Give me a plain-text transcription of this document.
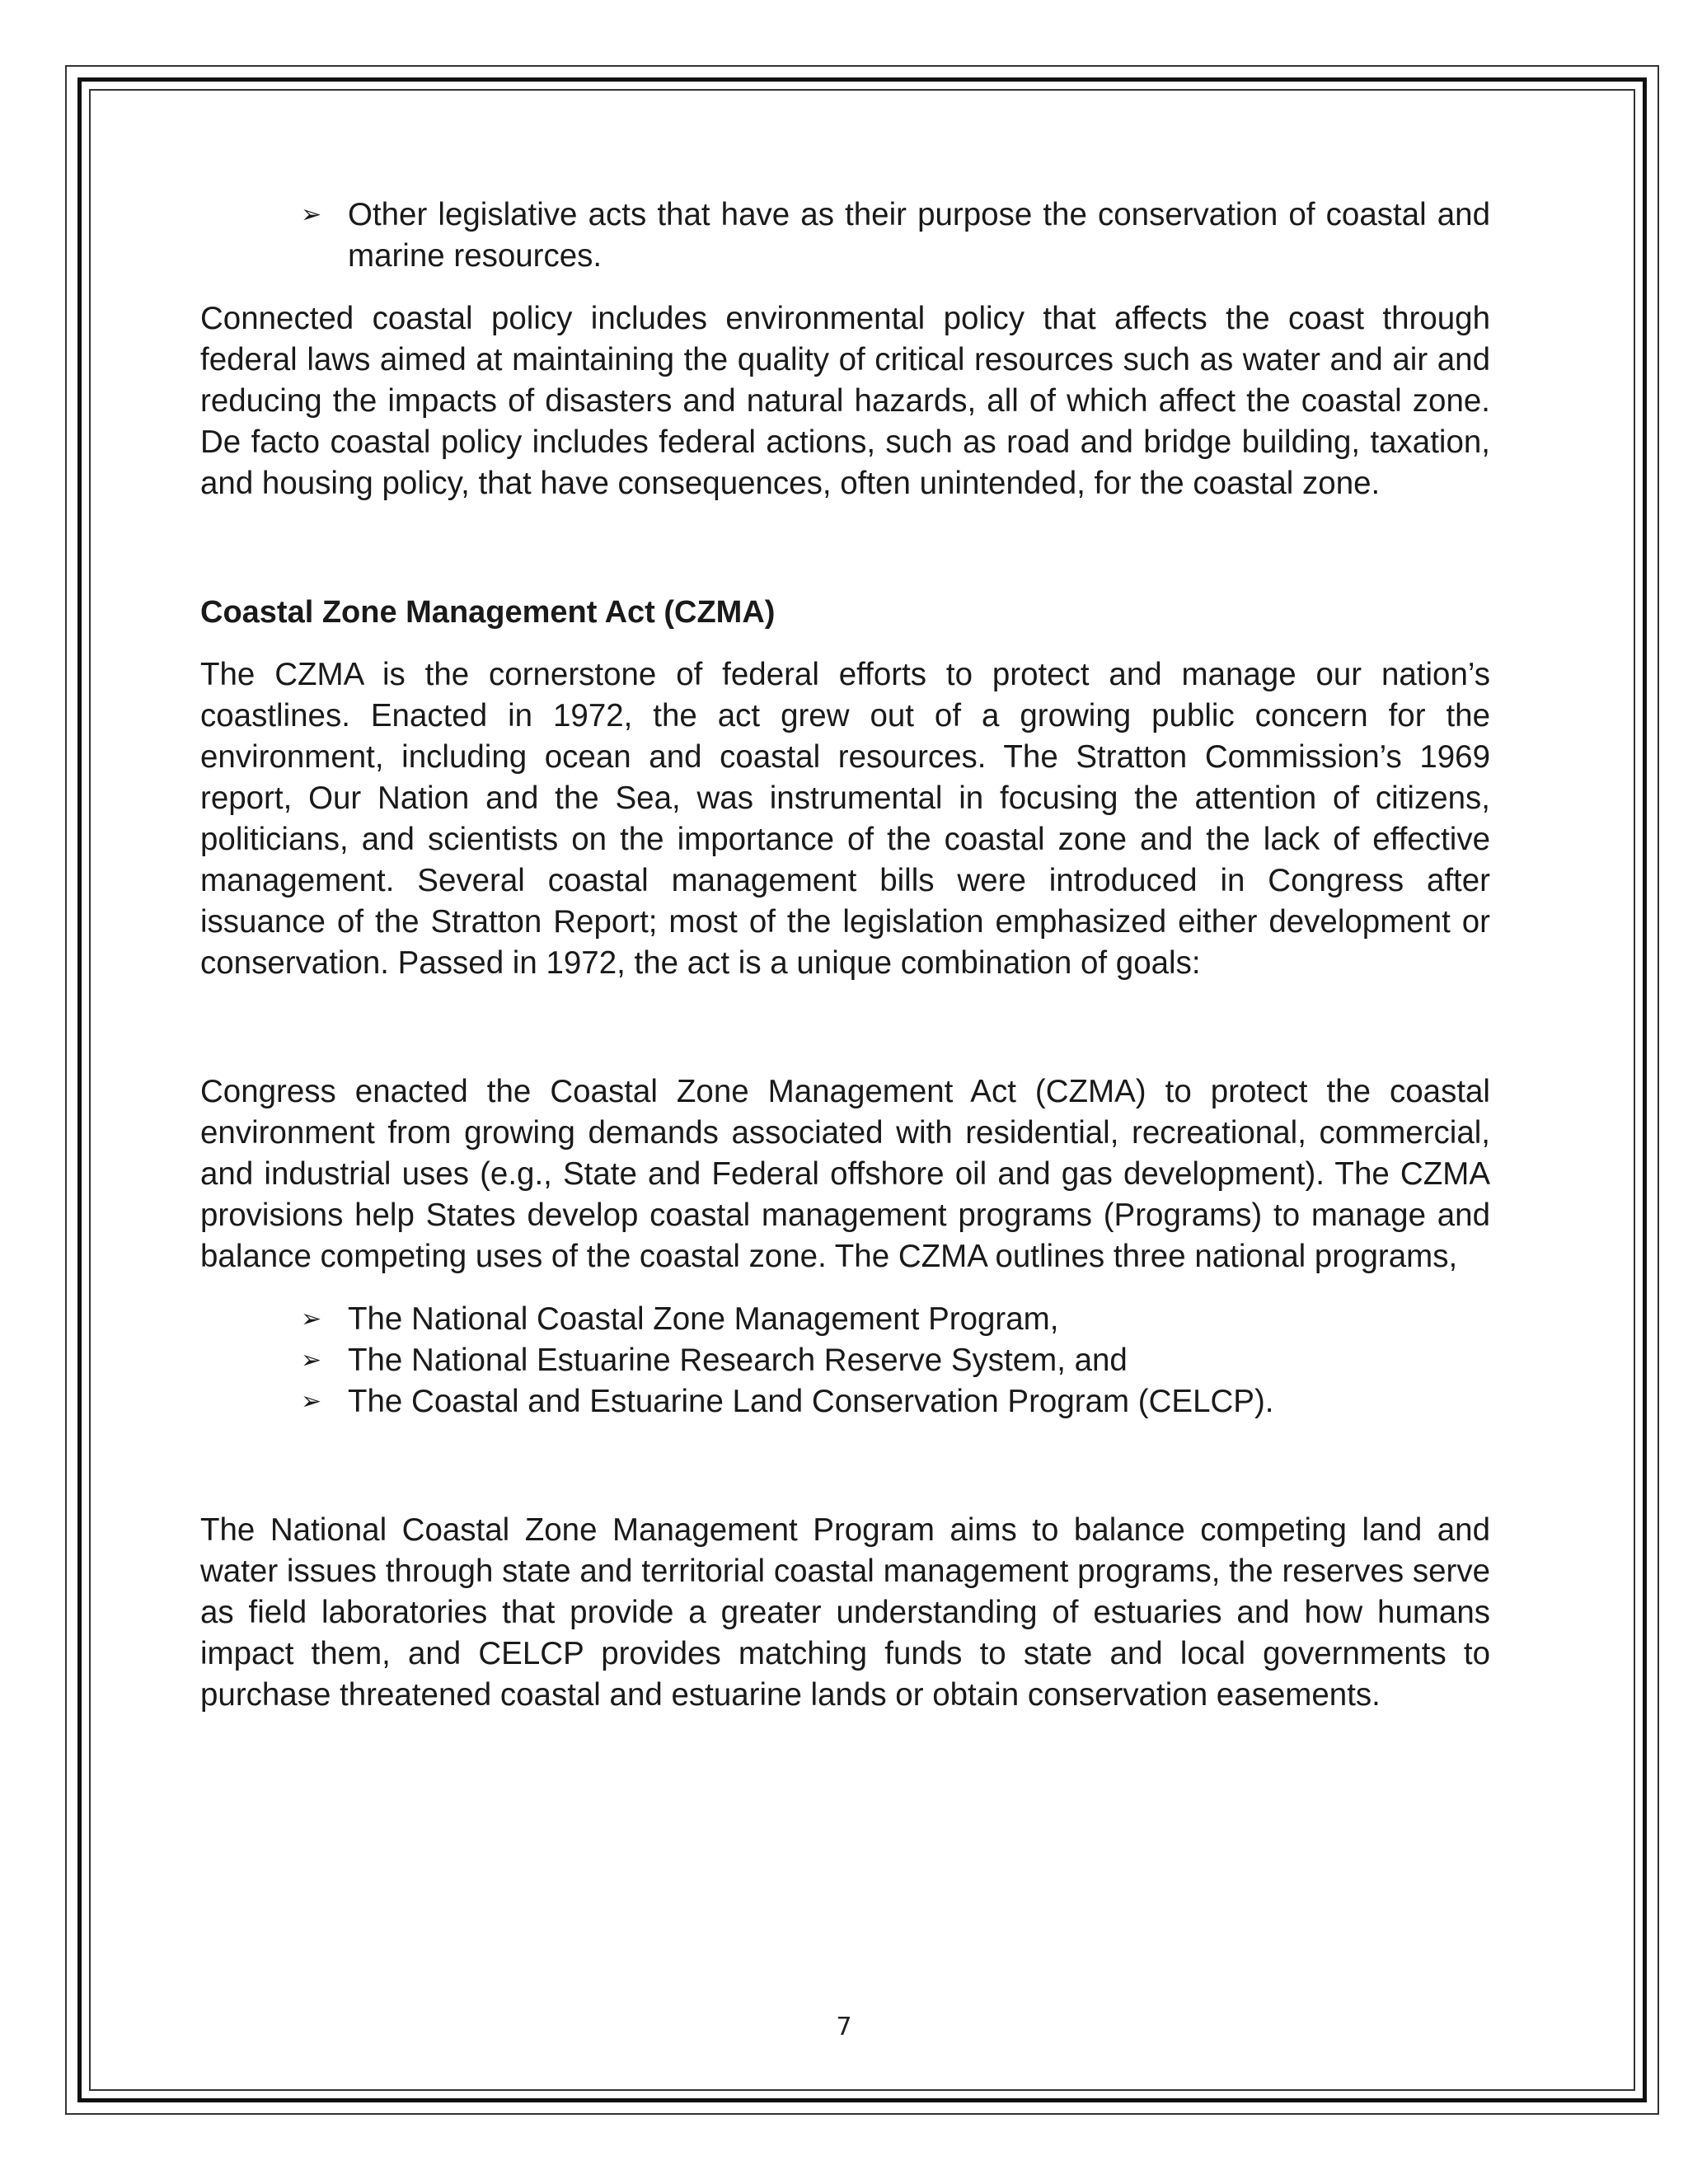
➢ Other legislative acts that have as their purpose the conservation of coastal and marine resources.

Connected coastal policy includes environmental policy that affects the coast through federal laws aimed at maintaining the quality of critical resources such as water and air and reducing the impacts of disasters and natural hazards, all of which affect the coastal zone. De facto coastal policy includes federal actions, such as road and bridge building, taxation, and housing policy, that have consequences, often unintended, for the coastal zone.

Coastal Zone Management Act (CZMA)

The CZMA is the cornerstone of federal efforts to protect and manage our nation’s coastlines. Enacted in 1972, the act grew out of a growing public concern for the environment, including ocean and coastal resources. The Stratton Commission’s 1969 report, Our Nation and the Sea, was instrumental in focusing the attention of citizens, politicians, and scientists on the importance of the coastal zone and the lack of effective management. Several coastal management bills were introduced in Congress after issuance of the Stratton Report; most of the legislation emphasized either development or conservation. Passed in 1972, the act is a unique combination of goals:

Congress enacted the Coastal Zone Management Act (CZMA) to protect the coastal environment from growing demands associated with residential, recreational, commercial, and industrial uses (e.g., State and Federal offshore oil and gas development). The CZMA provisions help States develop coastal management programs (Programs) to manage and balance competing uses of the coastal zone. The CZMA outlines three national programs,

➢ The National Coastal Zone Management Program,
➢ The National Estuarine Research Reserve System, and
➢ The Coastal and Estuarine Land Conservation Program (CELCP).

The National Coastal Zone Management Program aims to balance competing land and water issues through state and territorial coastal management programs, the reserves serve as field laboratories that provide a greater understanding of estuaries and how humans impact them, and CELCP provides matching funds to state and local governments to purchase threatened coastal and estuarine lands or obtain conservation easements.

7
